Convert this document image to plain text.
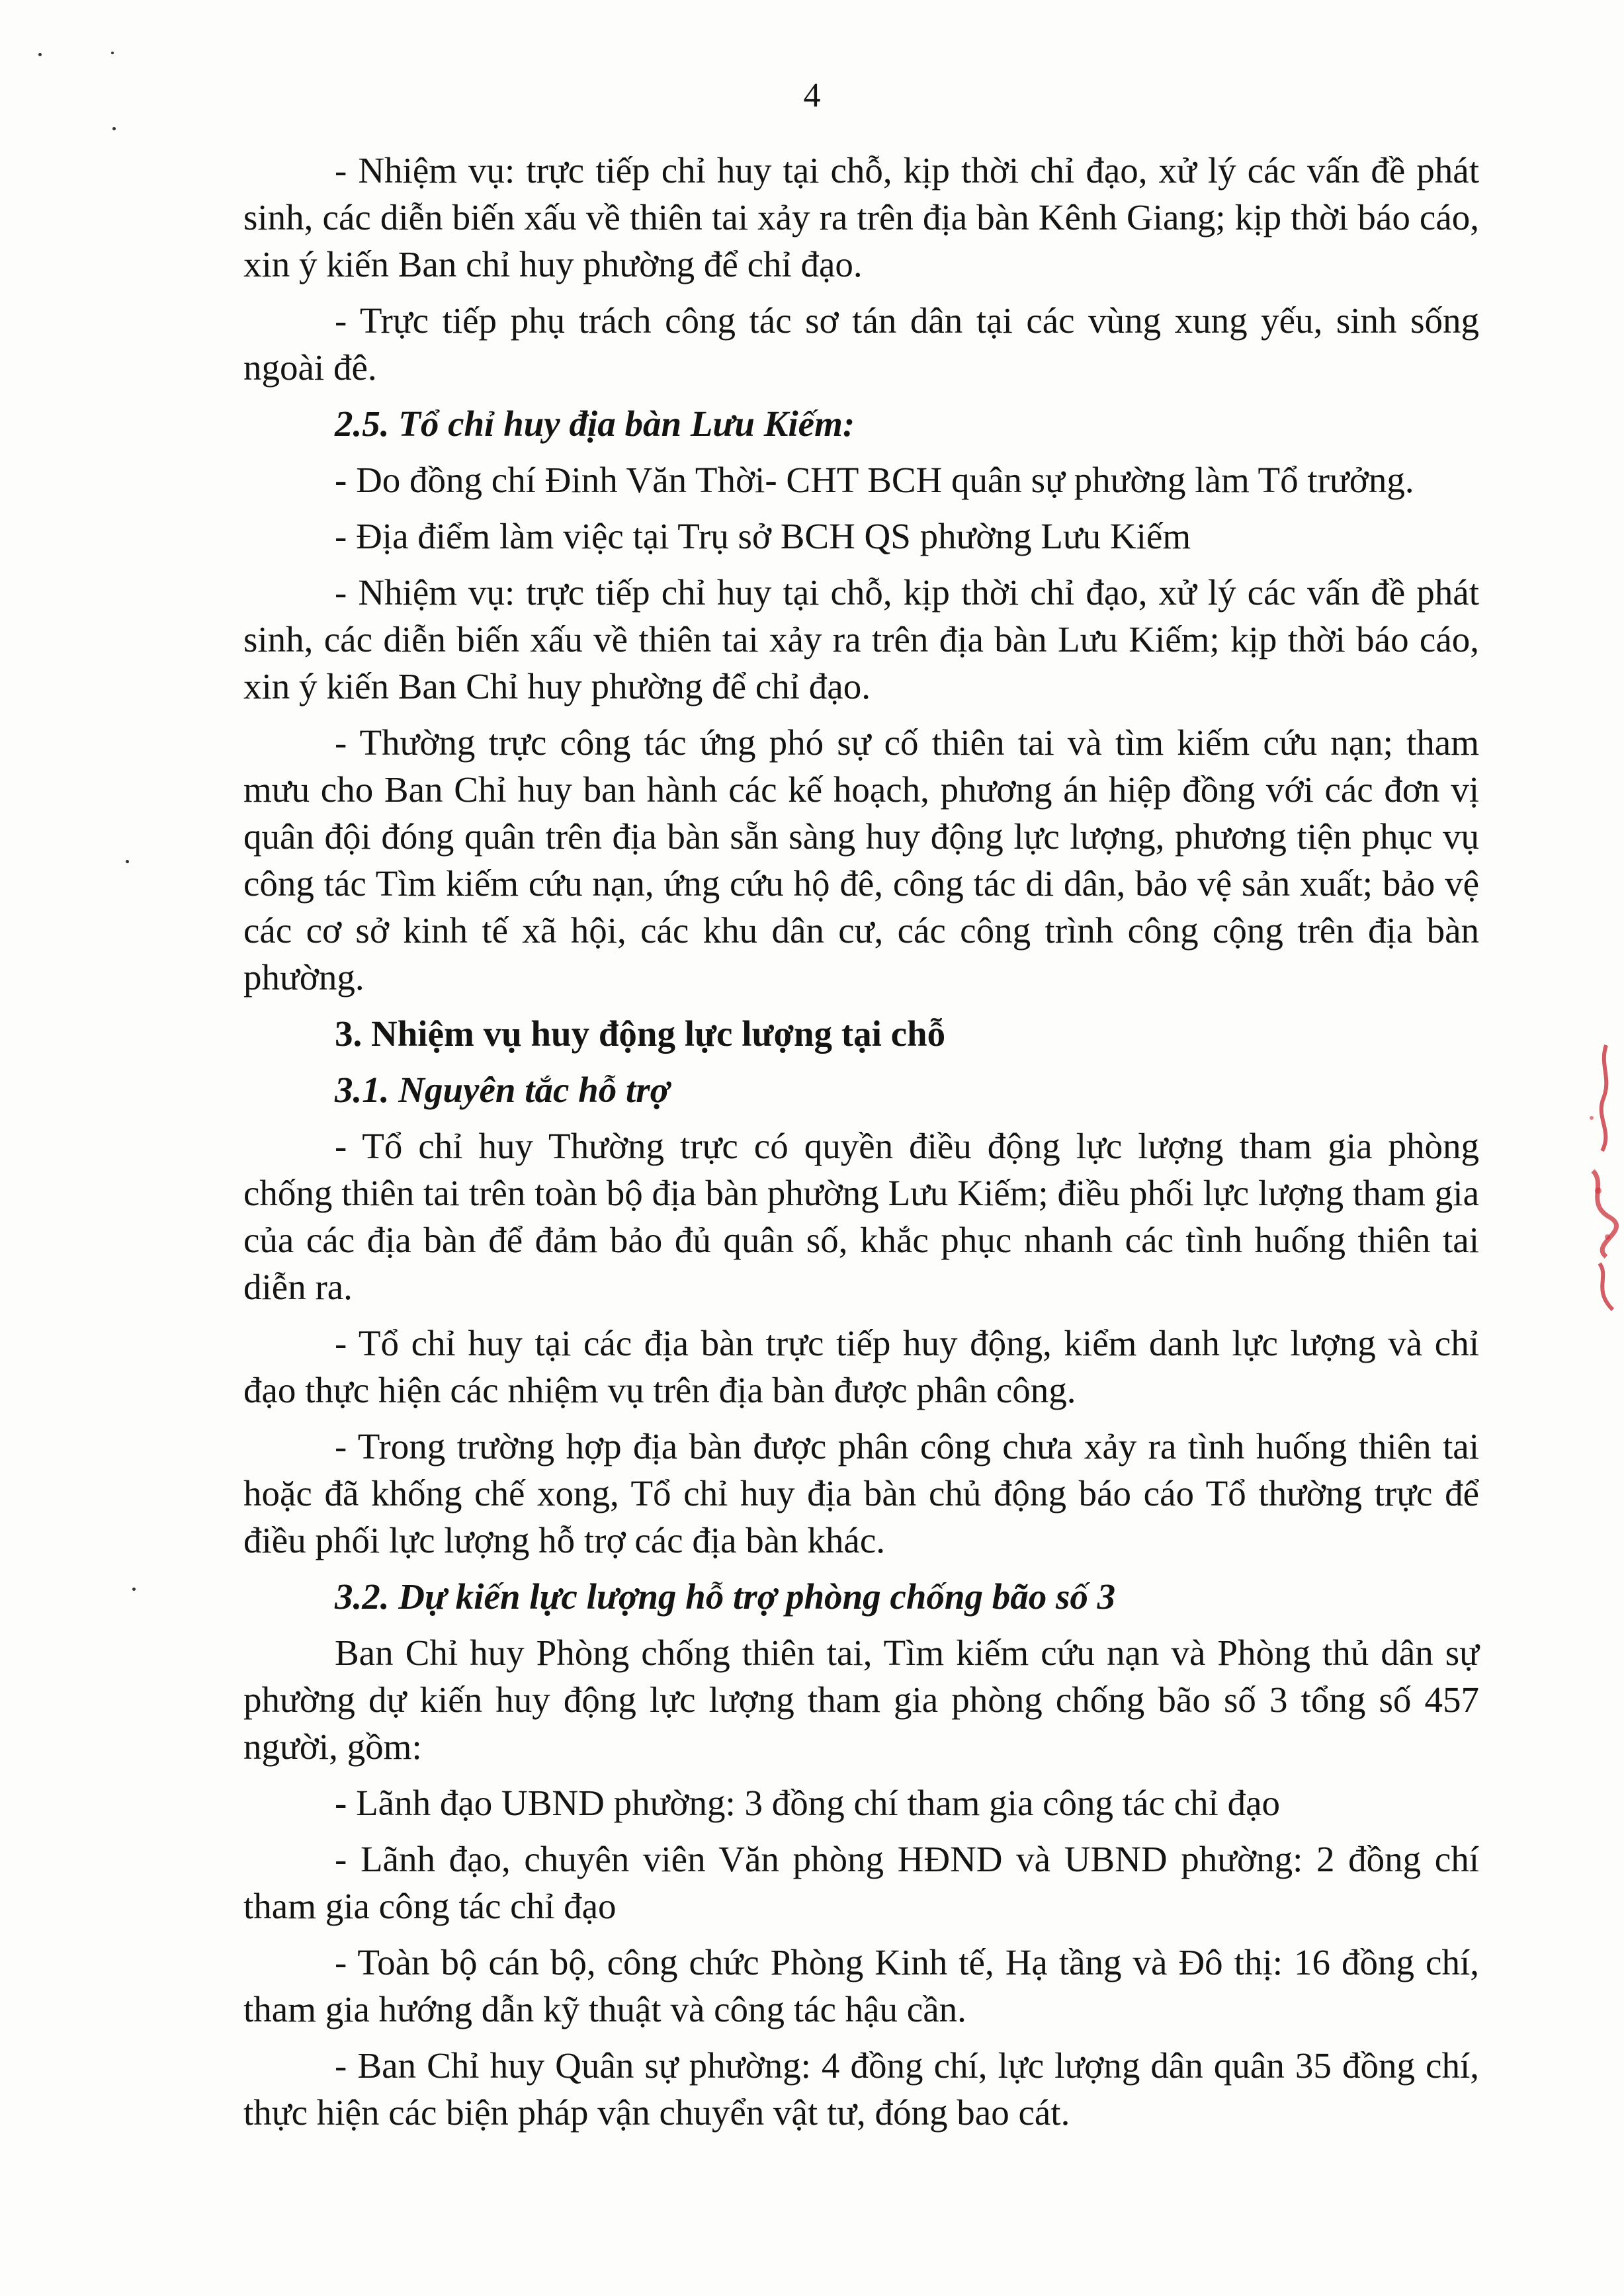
4

- Nhiệm vụ: trực tiếp chỉ huy tại chỗ, kịp thời chỉ đạo, xử lý các vấn đề phát sinh, các diễn biến xấu về thiên tai xảy ra trên địa bàn Kênh Giang; kịp thời báo cáo, xin ý kiến Ban chỉ huy phường để chỉ đạo.

- Trực tiếp phụ trách công tác sơ tán dân tại các vùng xung yếu, sinh sống ngoài đê.

2.5. Tổ chỉ huy địa bàn Lưu Kiếm:

- Do đồng chí Đinh Văn Thời- CHT BCH quân sự phường làm Tổ trưởng.

- Địa điểm làm việc tại Trụ sở BCH QS phường Lưu Kiếm

- Nhiệm vụ: trực tiếp chỉ huy tại chỗ, kịp thời chỉ đạo, xử lý các vấn đề phát sinh, các diễn biến xấu về thiên tai xảy ra trên địa bàn Lưu Kiếm; kịp thời báo cáo, xin ý kiến Ban Chỉ huy phường để chỉ đạo.

- Thường trực công tác ứng phó sự cố thiên tai và tìm kiếm cứu nạn; tham mưu cho Ban Chỉ huy ban hành các kế hoạch, phương án hiệp đồng với các đơn vị quân đội đóng quân trên địa bàn sẵn sàng huy động lực lượng, phương tiện phục vụ công tác Tìm kiếm cứu nạn, ứng cứu hộ đê, công tác di dân, bảo vệ sản xuất; bảo vệ các cơ sở kinh tế xã hội, các khu dân cư, các công trình công cộng trên địa bàn phường.

3. Nhiệm vụ huy động lực lượng tại chỗ

3.1. Nguyên tắc hỗ trợ

- Tổ chỉ huy Thường trực có quyền điều động lực lượng tham gia phòng chống thiên tai trên toàn bộ địa bàn phường Lưu Kiếm; điều phối lực lượng tham gia của các địa bàn để đảm bảo đủ quân số, khắc phục nhanh các tình huống thiên tai diễn ra.

- Tổ chỉ huy tại các địa bàn trực tiếp huy động, kiểm danh lực lượng và chỉ đạo thực hiện các nhiệm vụ trên địa bàn được phân công.

- Trong trường hợp địa bàn được phân công chưa xảy ra tình huống thiên tai hoặc đã khống chế xong, Tổ chỉ huy địa bàn chủ động báo cáo Tổ thường trực để điều phối lực lượng hỗ trợ các địa bàn khác.

3.2. Dự kiến lực lượng hỗ trợ phòng chống bão số 3

Ban Chỉ huy Phòng chống thiên tai, Tìm kiếm cứu nạn và Phòng thủ dân sự phường dự kiến huy động lực lượng tham gia phòng chống bão số 3 tổng số 457 người, gồm:

- Lãnh đạo UBND phường: 3 đồng chí tham gia công tác chỉ đạo

- Lãnh đạo, chuyên viên Văn phòng HĐND và UBND phường: 2 đồng chí tham gia công tác chỉ đạo

- Toàn bộ cán bộ, công chức Phòng Kinh tế, Hạ tầng và Đô thị: 16 đồng chí, tham gia hướng dẫn kỹ thuật và công tác hậu cần.

- Ban Chỉ huy Quân sự phường: 4 đồng chí, lực lượng dân quân 35 đồng chí, thực hiện các biện pháp vận chuyển vật tư, đóng bao cát.
